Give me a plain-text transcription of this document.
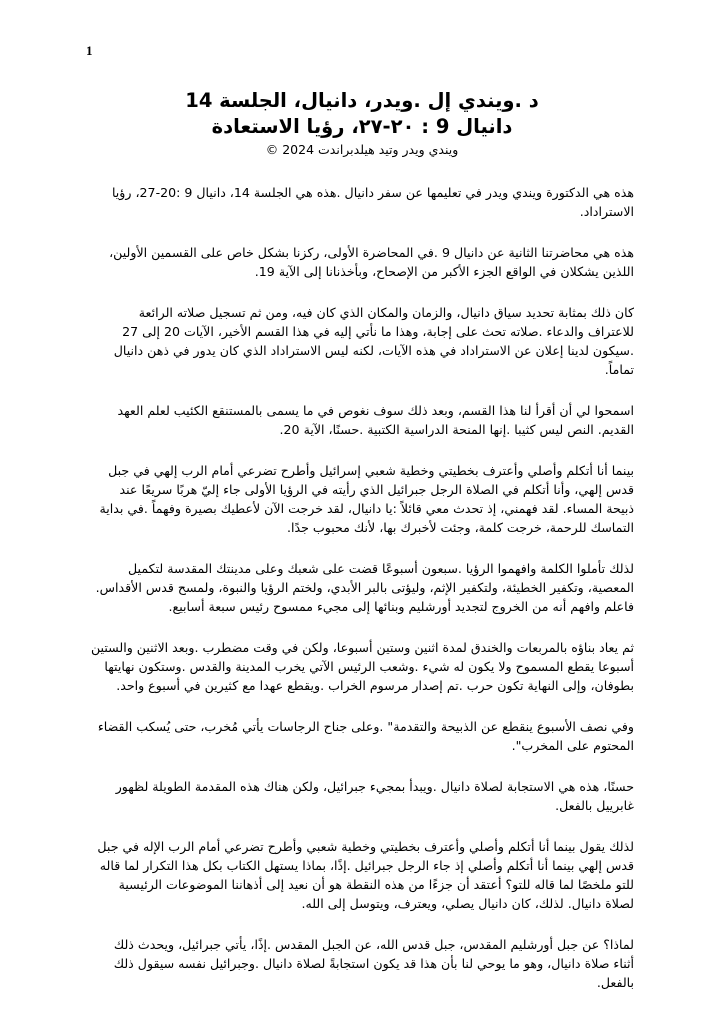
1
د .ويندي إل .ويدر، دانيال، الجلسة 14
دانيال 9 : ٢٠-٢٧، رؤيا الاستعادة
ويندي ويدر وتيد هيلدبراندت 2024 ©

هذه هي الدكتورة ويندي ويدر في تعليمها عن سفر دانيال .هذه هي الجلسة 14، دانيال 9 :20-27، رؤيا الاستراداد.

هذه هي محاضرتنا الثانية عن دانيال 9 .في المحاضرة الأولى، ركزنا بشكل خاص على القسمين الأولين، اللذين يشكلان في الواقع الجزء الأكبر من الإصحاح، وبأخذنانا إلى الآية 19.

كان ذلك بمثابة تحديد سياق دانيال، والزمان والمكان الذي كان فيه، ومن ثم تسجيل صلاته الرائعة للاعتراف والدعاء .صلاته تحث على إجابة، وهذا ما نأتي إليه في هذا القسم الأخير، الآيات 20 إلى 27 .سيكون لدينا إعلان عن الاستراداد في هذه الآيات، لكنه ليس الاستراداد الذي كان يدور في ذهن دانيال تماماً.

اسمحوا لي أن أقرأ لنا هذا القسم، وبعد ذلك سوف نغوص في ما يسمى بالمستنقع الكئيب لعلم العهد القديم. النص ليس كثيبا .إنها المنحة الدراسية الكتبية .حسنًا، الآية 20.

بينما أنا أتكلم وأصلي وأعترف بخطيتي وخطية شعبي إسرائيل وأطرح تضرعي أمام الرب إلهي في جبل قدس إلهي، وأنا أتكلم في الصلاة الرجل جبرائيل الذي رأيته في الرؤيا الأولى جاء إليّ هربًا سريعًا عند ذبيحة المساء. لقد فهمني، إذ تحدث معي قائلاً :يا دانيال، لقد خرجت الآن لأعطيك بصيرة وفهماً .في بداية التماسك للرحمة، خرجت كلمة، وجئت لأخبرك بها، لأنك محبوب جدًا.

لذلك تأملوا الكلمة وافهموا الرؤيا .سبعون أسبوعًا قضت على شعبك وعلى مدينتك المقدسة لتكميل المعصية، وتكفير الخطيئة، ولتكفير الإثم، وليؤتى بالبر الأبدي، ولختم الرؤيا والنبوة، ولمسح قدس الأقداس. فاعلم وافهم أنه من الخروج لتجديد أورشليم وبنائها إلى مجيء ممسوح رئيس سبعة أسابيع.

ثم يعاد بناؤه بالمربعات والخندق لمدة اثنين وستين أسبوعا، ولكن في وقت مضطرب .وبعد الاثنين والستين أسبوعا يقطع المسموح ولا يكون له شيء .وشعب الرئيس الآتي يخرب المدينة والقدس .وستكون نهايتها بطوفان، وإلى النهاية تكون حرب .تم إصدار مرسوم الخراب .ويقطع عهدا مع كثيرين في أسبوع واحد.

وفي نصف الأسبوع ينقطع عن الذبيحة والتقدمة" .وعلى جناح الرجاسات يأتي مُخرب، حتى يُسكب القضاء المحتوم على المخرب".

حسنًا، هذه هي الاستجابة لصلاة دانيال .ويبدأ بمجيء جبرائيل، ولكن هناك هذه المقدمة الطويلة لظهور غابرييل بالفعل.

لذلك يقول بينما أنا أتكلم وأصلي وأعترف بخطيتي وخطية شعبي وأطرح تضرعي أمام الرب الإله في جبل قدس إلهي بينما أنا أتكلم وأصلي إذ جاء الرجل جبرائيل .إذًا، بماذا يستهل الكتاب بكل هذا التكرار لما قاله للتو ملخصًا لما قاله للتو؟ أعتقد أن جزءًا من هذه النقطة هو أن نعيد إلى أذهاننا الموضوعات الرئيسية لصلاة دانيال. لذلك، كان دانيال يصلي، ويعترف، ويتوسل إلى الله.

لماذا؟ عن جبل أورشليم المقدس، جبل قدس الله، عن الجبل المقدس .إذًا، يأتي جبرائيل، ويحدث ذلك أثناء صلاة دانيال، وهو ما يوحي لنا بأن هذا قد يكون استجابةً لصلاة دانيال .وجبرائيل نفسه سيقول ذلك بالفعل.
